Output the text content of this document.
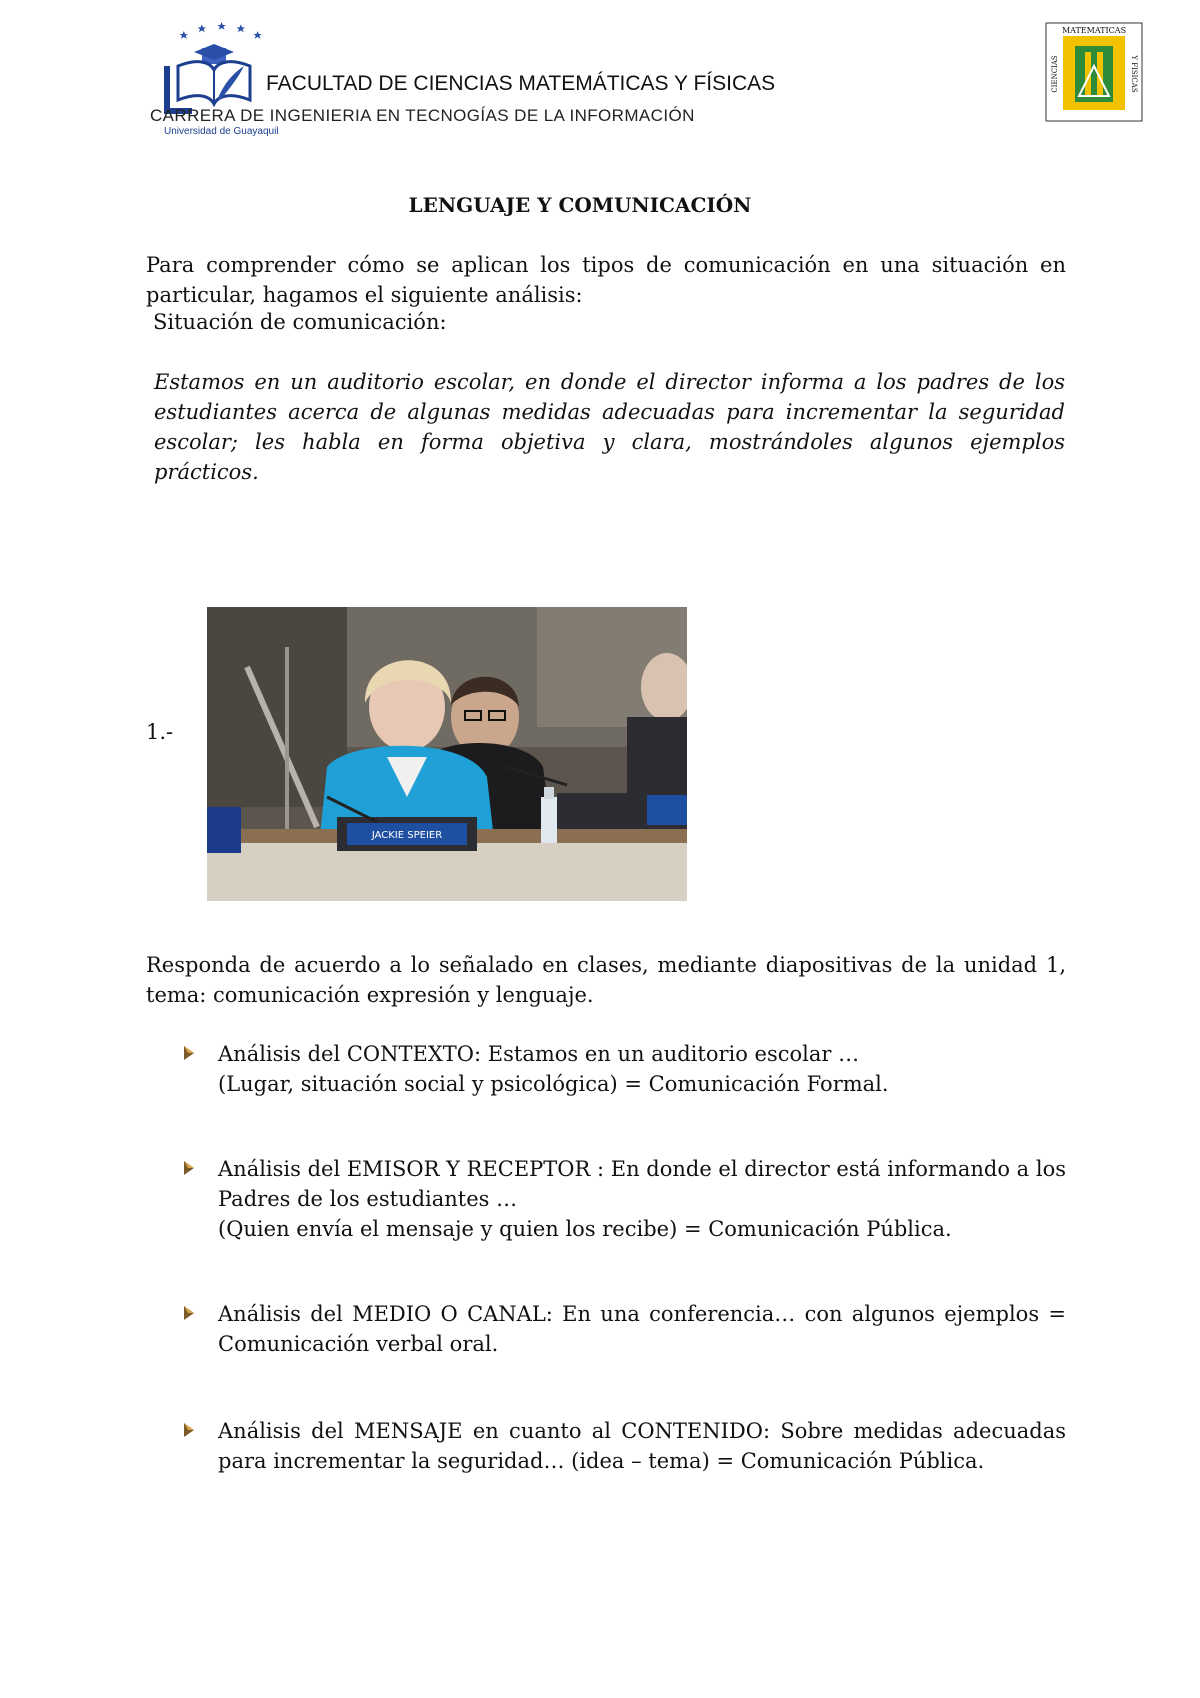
Universidad de Guayaquil
FACULTAD DE CIENCIAS MATEMÁTICAS Y FÍSICAS
CARRERA DE INGENIERIA EN TECNOGÍAS DE LA INFORMACIÓN
MATEMATICAS
CIENCIAS	Y FISICAS
LENGUAJE Y COMUNICACIÓN
Para comprender cómo se aplican los tipos de comunicación en una situación en particular, hagamos el siguiente análisis:
Situación de comunicación:
Estamos en un auditorio escolar, en donde el director informa a los padres de los estudiantes acerca de algunas medidas adecuadas para incrementar la seguridad escolar; les habla en forma objetiva y clara, mostrándoles algunos ejemplos prácticos.
1.-
JACKIE SPEIER
Responda de acuerdo a lo señalado en clases, mediante diapositivas de la unidad 1, tema: comunicación expresión y lenguaje.
Análisis del CONTEXTO: Estamos en un auditorio escolar …
(Lugar, situación social y psicológica) = Comunicación Formal.
Análisis del EMISOR Y RECEPTOR : En donde el director está informando a los Padres de los estudiantes …
(Quien envía el mensaje y quien los recibe) = Comunicación Pública.
Análisis del MEDIO O CANAL: En una conferencia… con algunos ejemplos = Comunicación verbal oral.
Análisis del MENSAJE en cuanto al CONTENIDO: Sobre medidas adecuadas para incrementar la seguridad… (idea – tema) = Comunicación Pública.
